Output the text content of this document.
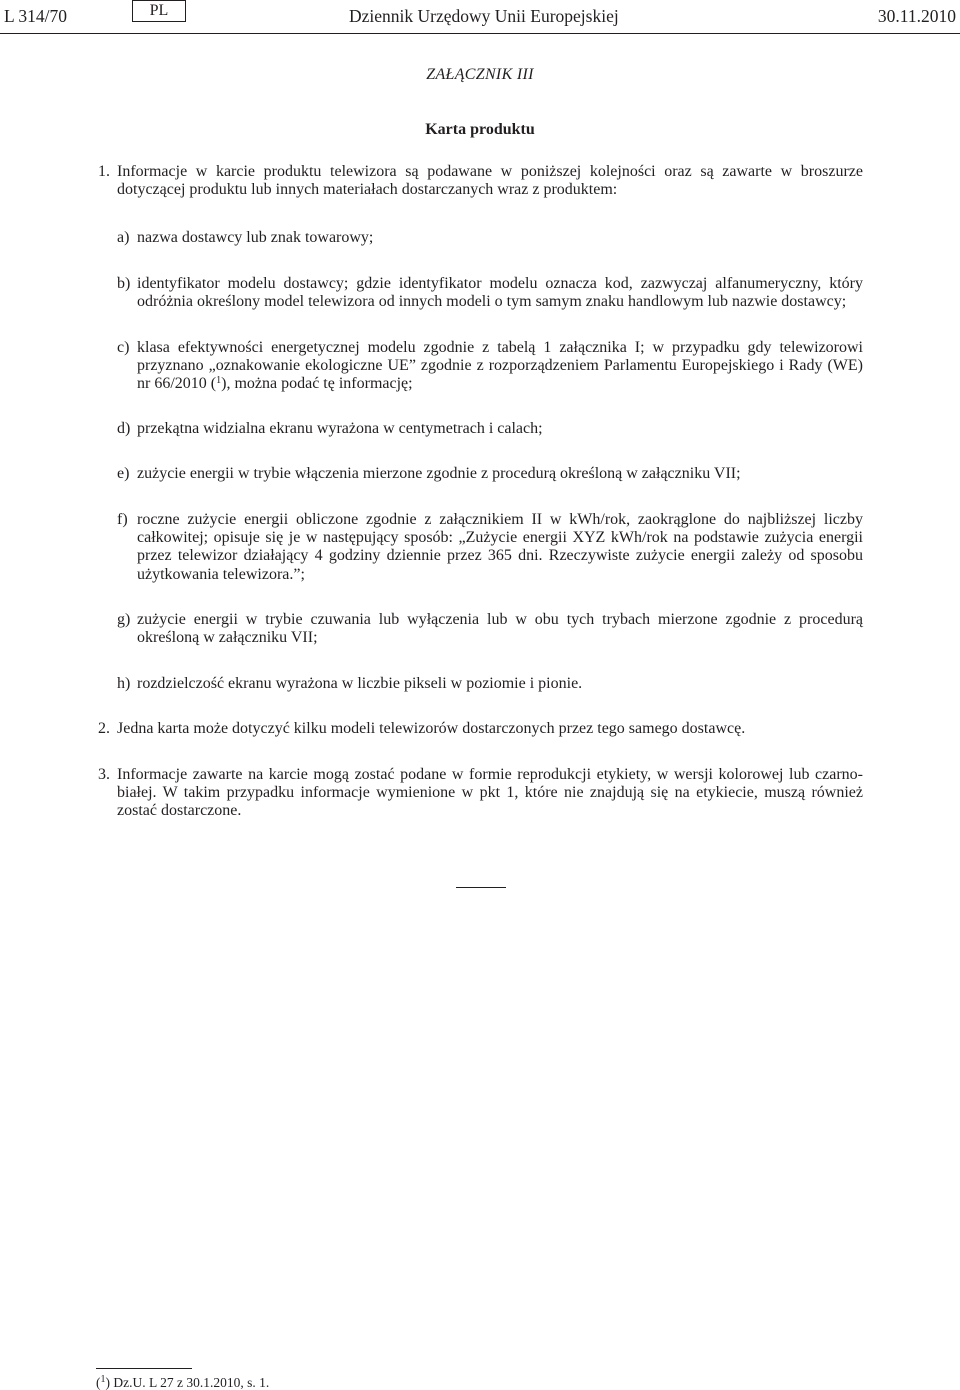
L 314/70	PL	Dziennik Urzędowy Unii Europejskiej	30.11.2010
ZAŁĄCZNIK III
Karta produktu
1. Informacje w karcie produktu telewizora są podawane w poniższej kolejności oraz są zawarte w broszurze dotyczącej produktu lub innych materiałach dostarczanych wraz z produktem:
a) nazwa dostawcy lub znak towarowy;
b) identyfikator modelu dostawcy; gdzie identyfikator modelu oznacza kod, zazwyczaj alfanumeryczny, który odróżnia określony model telewizora od innych modeli o tym samym znaku handlowym lub nazwie dostawcy;
c) klasa efektywności energetycznej modelu zgodnie z tabelą 1 załącznika I; w przypadku gdy telewizorowi przyznano „oznakowanie ekologiczne UE” zgodnie z rozporządzeniem Parlamentu Europejskiego i Rady (WE) nr 66/2010 ($^1$), można podać tę informację;
d) przekątna widzialna ekranu wyrażona w centymetrach i calach;
e) zużycie energii w trybie włączenia mierzone zgodnie z procedurą określoną w załączniku VII;
f) roczne zużycie energii obliczone zgodnie z załącznikiem II w kWh/rok, zaokrąglone do najbliższej liczby całkowitej; opisuje się je w następujący sposób: „Zużycie energii XYZ kWh/rok na podstawie zużycia energii przez telewizor działający 4 godziny dziennie przez 365 dni. Rzeczywiste zużycie energii zależy od sposobu użytkowania telewizora.”;
g) zużycie energii w trybie czuwania lub wyłączenia lub w obu tych trybach mierzone zgodnie z procedurą określoną w załączniku VII;
h) rozdzielczość ekranu wyrażona w liczbie pikseli w poziomie i pionie.
2. Jedna karta może dotyczyć kilku modeli telewizorów dostarczonych przez tego samego dostawcę.
3. Informacje zawarte na karcie mogą zostać podane w formie reprodukcji etykiety, w wersji kolorowej lub czarno-białej. W takim przypadku informacje wymienione w pkt 1, które nie znajdują się na etykiecie, muszą również zostać dostarczone.
($^1$) Dz.U. L 27 z 30.1.2010, s. 1.
